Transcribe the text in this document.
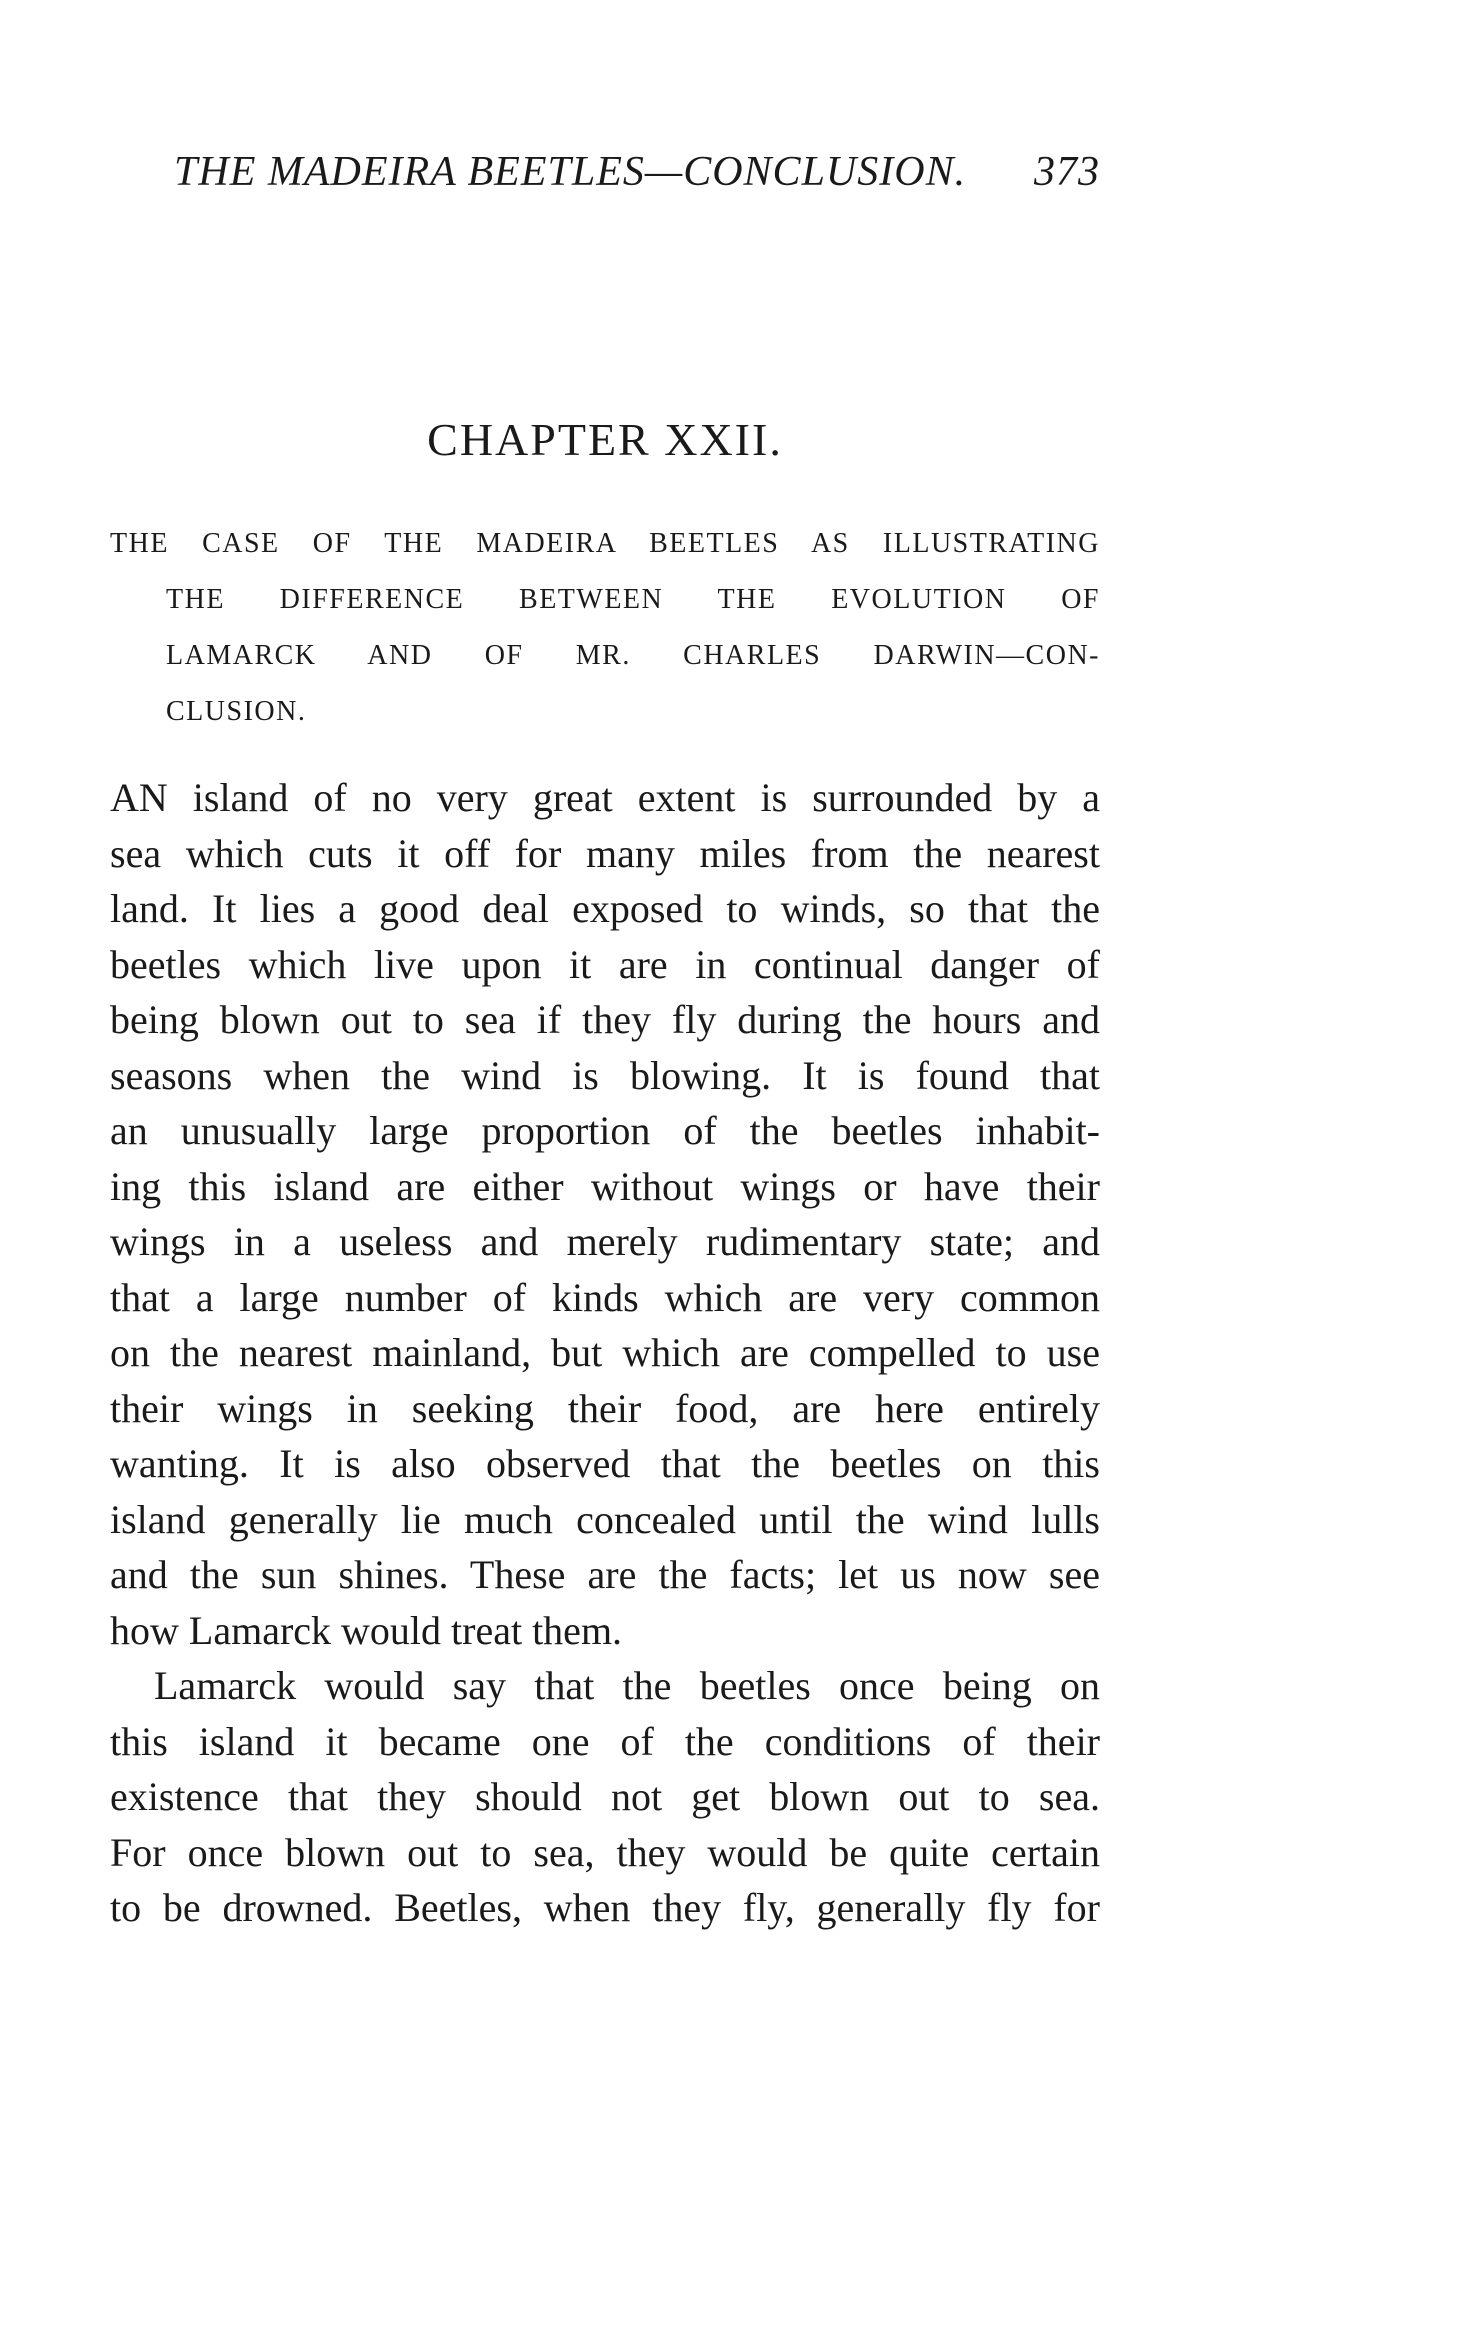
THE MADEIRA BEETLES—CONCLUSION. 373
CHAPTER XXII.
THE CASE OF THE MADEIRA BEETLES AS ILLUSTRATING
THE DIFFERENCE BETWEEN THE EVOLUTION OF
LAMARCK AND OF MR. CHARLES DARWIN—CON-
CLUSION.
AN island of no very great extent is surrounded by a
sea which cuts it off for many miles from the nearest
land. It lies a good deal exposed to winds, so that the
beetles which live upon it are in continual danger of
being blown out to sea if they fly during the hours and
seasons when the wind is blowing. It is found that
an unusually large proportion of the beetles inhabit-
ing this island are either without wings or have their
wings in a useless and merely rudimentary state; and
that a large number of kinds which are very common
on the nearest mainland, but which are compelled to use
their wings in seeking their food, are here entirely
wanting. It is also observed that the beetles on this
island generally lie much concealed until the wind lulls
and the sun shines. These are the facts; let us now see
how Lamarck would treat them.
Lamarck would say that the beetles once being on
this island it became one of the conditions of their
existence that they should not get blown out to sea.
For once blown out to sea, they would be quite certain
to be drowned. Beetles, when they fly, generally fly for
